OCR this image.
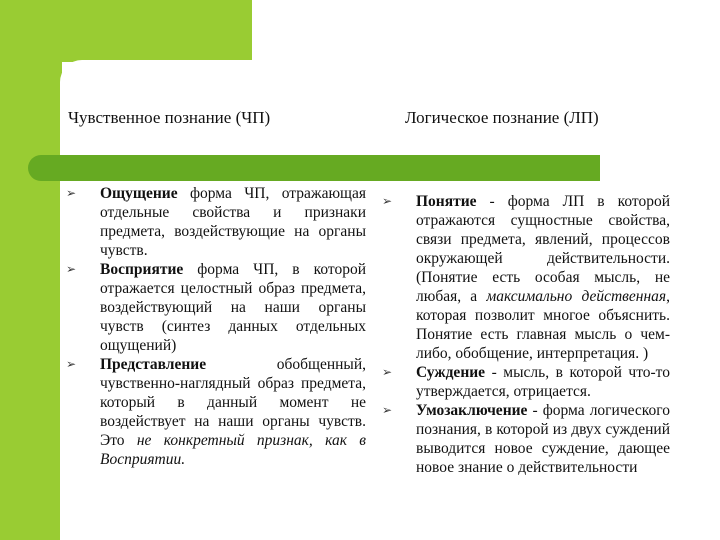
Чувственное познание (ЧП)	Логическое познание (ЛП)
➢ Ощущение форма ЧП, отражающая отдельные свойства и признаки предмета, воздействующие на органы чувств.
➢ Восприятие форма ЧП, в которой отражается целостный образ предмета, воздействующий на наши органы чувств (синтез данных отдельных ощущений)
➢ Представление обобщенный, чувственно-наглядный образ предмета, который в данный момент не воздействует на наши органы чувств. Это не конкретный признак, как в Восприятии.
➢ Понятие - форма ЛП в которой отражаются сущностные свойства, связи предмета, явлений, процессов окружающей действительности. (Понятие есть особая мысль, не любая, а максимально действенная, которая позволит многое объяснить. Понятие есть главная мысль о чем-либо, обобщение, интерпретация. )
➢ Суждение - мысль, в которой что-то утверждается, отрицается.
➢ Умозаключение - форма логического познания, в которой из двух суждений выводится новое суждение, дающее новое знание о действительности
